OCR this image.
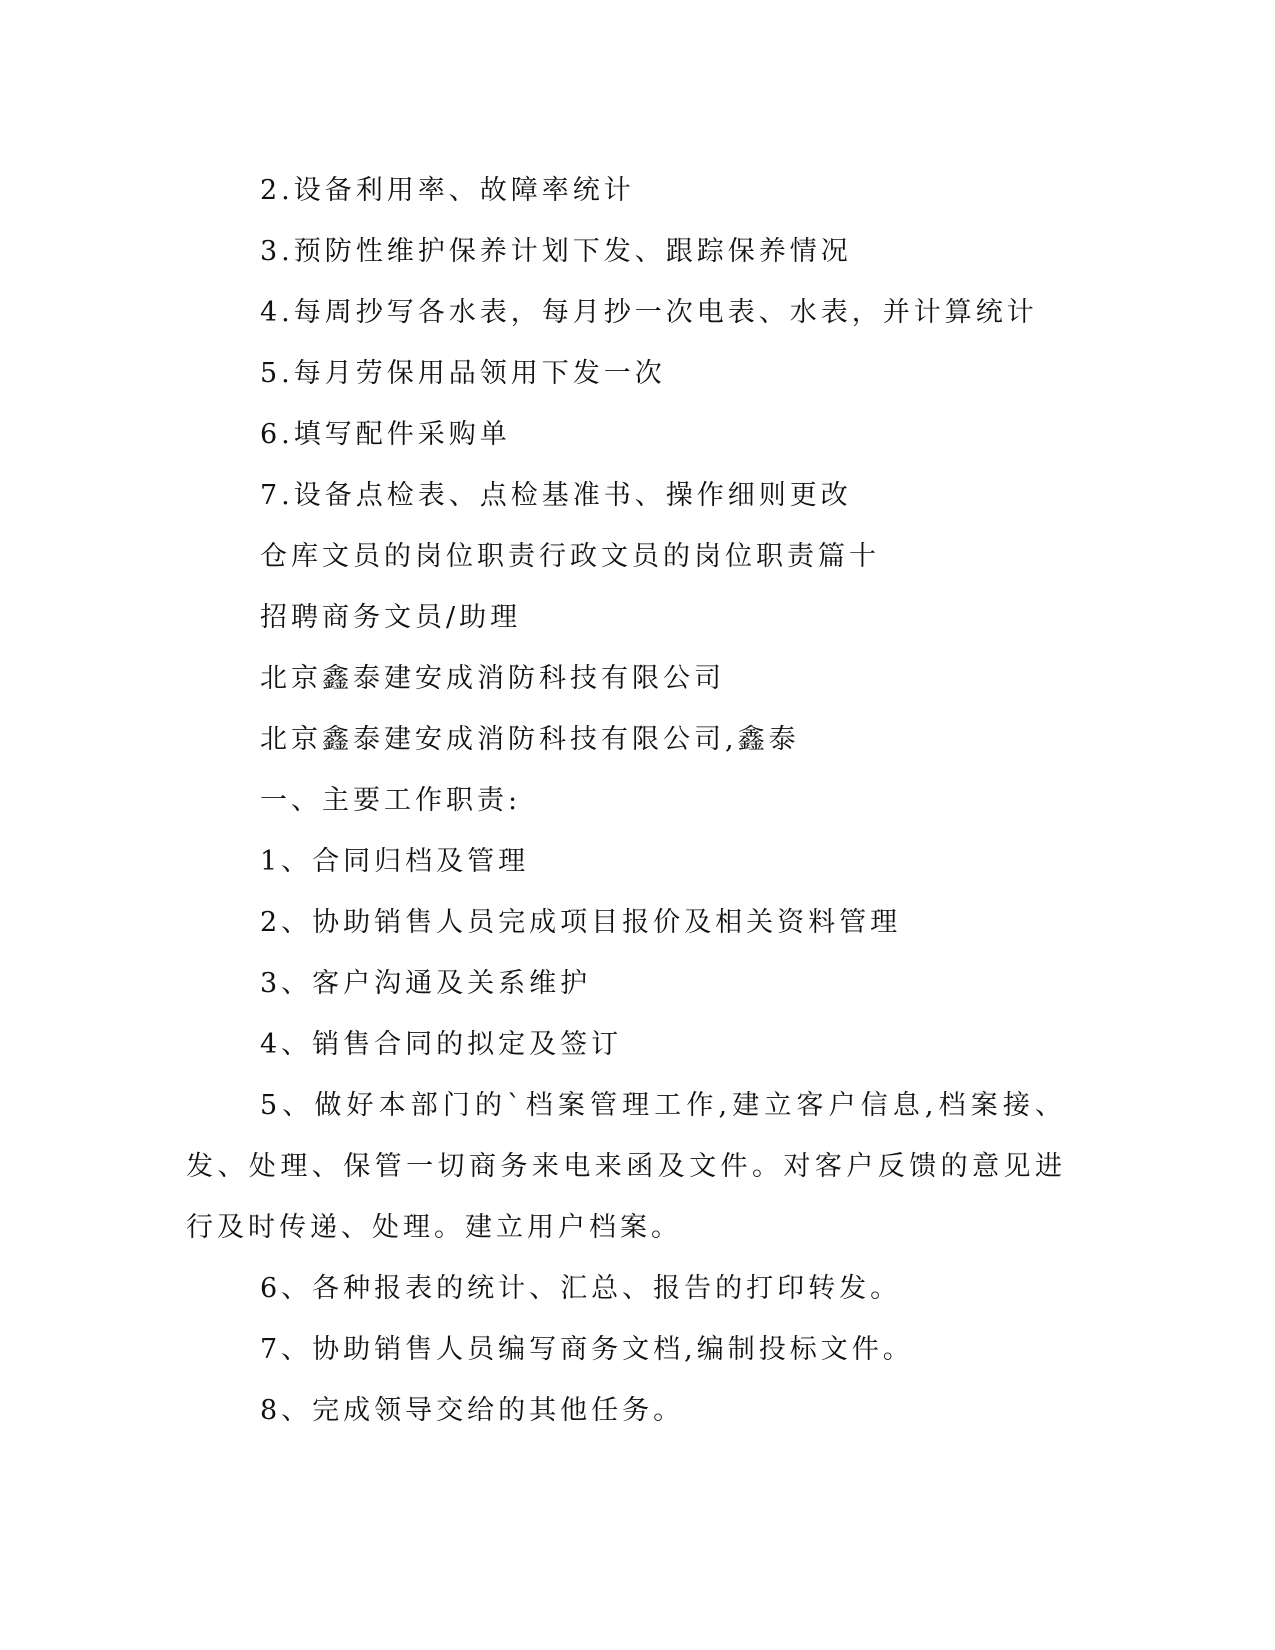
2.设备利用率、故障率统计
3.预防性维护保养计划下发、跟踪保养情况
4.每周抄写各水表，每月抄一次电表、水表，并计算统计
5.每月劳保用品领用下发一次
6.填写配件采购单
7.设备点检表、点检基准书、操作细则更改
仓库文员的岗位职责行政文员的岗位职责篇十
招聘商务文员/助理
北京鑫泰建安成消防科技有限公司
北京鑫泰建安成消防科技有限公司,鑫泰
一、主要工作职责:
1、合同归档及管理
2、协助销售人员完成项目报价及相关资料管理
3、客户沟通及关系维护
4、销售合同的拟定及签订
5、做好本部门的`档案管理工作,建立客户信息,档案接、发、处理、保管一切商务来电来函及文件。对客户反馈的意见进行及时传递、处理。建立用户档案。
6、各种报表的统计、汇总、报告的打印转发。
7、协助销售人员编写商务文档,编制投标文件。
8、完成领导交给的其他任务。
